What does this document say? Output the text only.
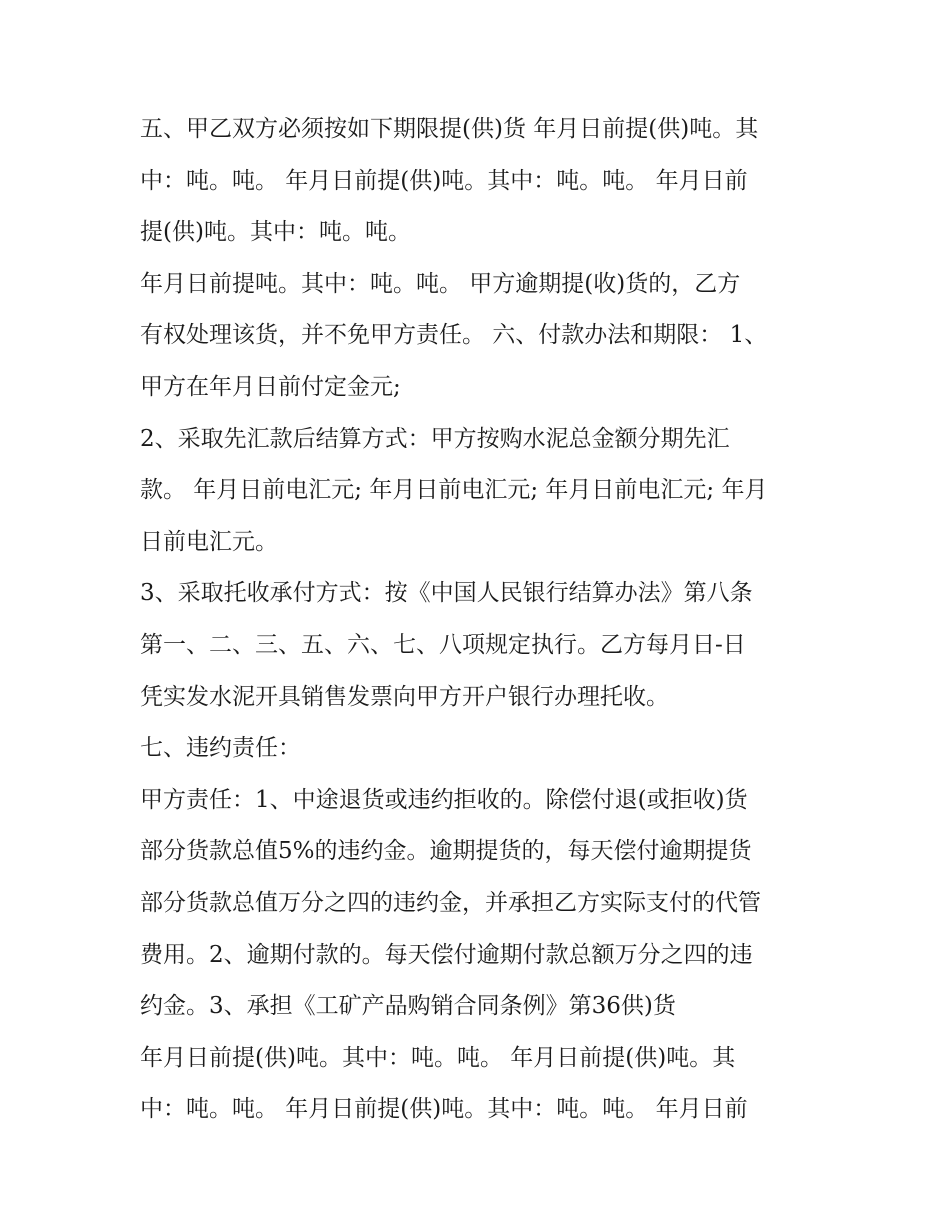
五、甲乙双方必须按如下期限提(供)货 年月日前提(供)吨。其
中：吨。吨。 年月日前提(供)吨。其中：吨。吨。 年月日前
提(供)吨。其中：吨。吨。
年月日前提吨。其中：吨。吨。 甲方逾期提(收)货的，乙方
有权处理该货，并不免甲方责任。 六、付款办法和期限： 1、
甲方在年月日前付定金元;
2、采取先汇款后结算方式：甲方按购水泥总金额分期先汇
款。 年月日前电汇元; 年月日前电汇元; 年月日前电汇元; 年月
日前电汇元。
3、采取托收承付方式：按《中国人民银行结算办法》第八条
第一、二、三、五、六、七、八项规定执行。乙方每月日-日
凭实发水泥开具销售发票向甲方开户银行办理托收。
七、违约责任：
甲方责任：1、中途退货或违约拒收的。除偿付退(或拒收)货
部分货款总值5%的违约金。逾期提货的，每天偿付逾期提货
部分货款总值万分之四的违约金，并承担乙方实际支付的代管
费用。2、逾期付款的。每天偿付逾期付款总额万分之四的违
约金。3、承担《工矿产品购销合同条例》第36供)货
年月日前提(供)吨。其中：吨。吨。 年月日前提(供)吨。其
中：吨。吨。 年月日前提(供)吨。其中：吨。吨。 年月日前
